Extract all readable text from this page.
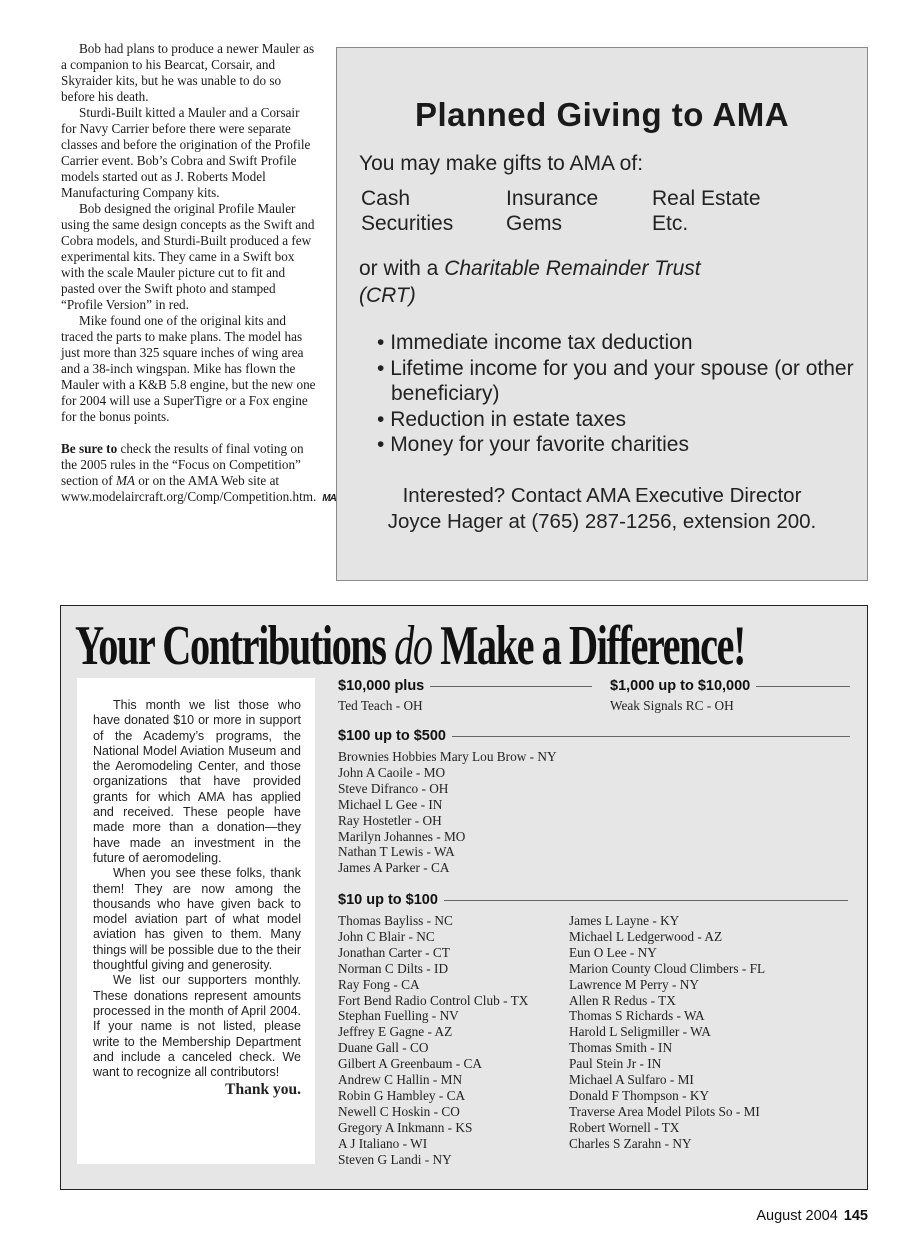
Bob had plans to produce a newer Mauler as a companion to his Bearcat, Corsair, and Skyraider kits, but he was unable to do so before his death.

Sturdi-Built kitted a Mauler and a Corsair for Navy Carrier before there were separate classes and before the origination of the Profile Carrier event. Bob’s Cobra and Swift Profile models started out as J. Roberts Model Manufacturing Company kits.

Bob designed the original Profile Mauler using the same design concepts as the Swift and Cobra models, and Sturdi-Built produced a few experimental kits. They came in a Swift box with the scale Mauler picture cut to fit and pasted over the Swift photo and stamped “Profile Version” in red.

Mike found one of the original kits and traced the parts to make plans. The model has just more than 325 square inches of wing area and a 38-inch wingspan. Mike has flown the Mauler with a K&B 5.8 engine, but the new one for 2004 will use a SuperTigre or a Fox engine for the bonus points.

Be sure to check the results of final voting on the 2005 rules in the “Focus on Competition” section of MA or on the AMA Web site at www.modelaircraft.org/Comp/Competition.htm. MA

Planned Giving to AMA
You may make gifts to AMA of:
Cash	Insurance	Real Estate
Securities	Gems	Etc.
or with a Charitable Remainder Trust (CRT)
• Immediate income tax deduction
• Lifetime income for you and your spouse (or other beneficiary)
• Reduction in estate taxes
• Money for your favorite charities
Interested? Contact AMA Executive Director
Joyce Hager at (765) 287-1256, extension 200.
Your Contributions do Make a Difference!

This month we list those who have donated $10 or more in support of the Academy’s programs, the National Model Aviation Museum and the Aeromodeling Center, and those organizations that have provided grants for which AMA has applied and received. These people have made more than a donation—they have made an investment in the future of aeromodeling.

When you see these folks, thank them! They are now among the thousands who have given back to model aviation part of what model aviation has given to them. Many things will be possible due to the their thoughtful giving and generosity.

We list our supporters monthly. These donations represent amounts processed in the month of April 2004. If your name is not listed, please write to the Membership Department and include a canceled check. We want to recognize all contributors!

Thank you.
$10,000 plus
Ted Teach - OH
$1,000 up to $10,000
Weak Signals RC - OH
$100 up to $500
Brownies Hobbies Mary Lou Brow - NY
John A Caoile - MO
Steve Difranco - OH
Michael L Gee - IN
Ray Hostetler - OH
Marilyn Johannes - MO
Nathan T Lewis - WA
James A Parker - CA
$10 up to $100
Thomas Bayliss - NC
John C Blair - NC
Jonathan Carter - CT
Norman C Dilts - ID
Ray Fong - CA
Fort Bend Radio Control Club - TX
Stephan Fuelling - NV
Jeffrey E Gagne - AZ
Duane Gall - CO
Gilbert A Greenbaum - CA
Andrew C Hallin - MN
Robin G Hambley - CA
Newell C Hoskin - CO
Gregory A Inkmann - KS
A J Italiano - WI
Steven G Landi - NY
James L Layne - KY
Michael L Ledgerwood - AZ
Eun O Lee - NY
Marion County Cloud Climbers - FL
Lawrence M Perry - NY
Allen R Redus - TX
Thomas S Richards - WA
Harold L Seligmiller - WA
Thomas Smith - IN
Paul Stein Jr - IN
Michael A Sulfaro - MI
Donald F Thompson - KY
Traverse Area Model Pilots So - MI
Robert Wornell - TX
Charles S Zarahn - NY
August 2004 145
